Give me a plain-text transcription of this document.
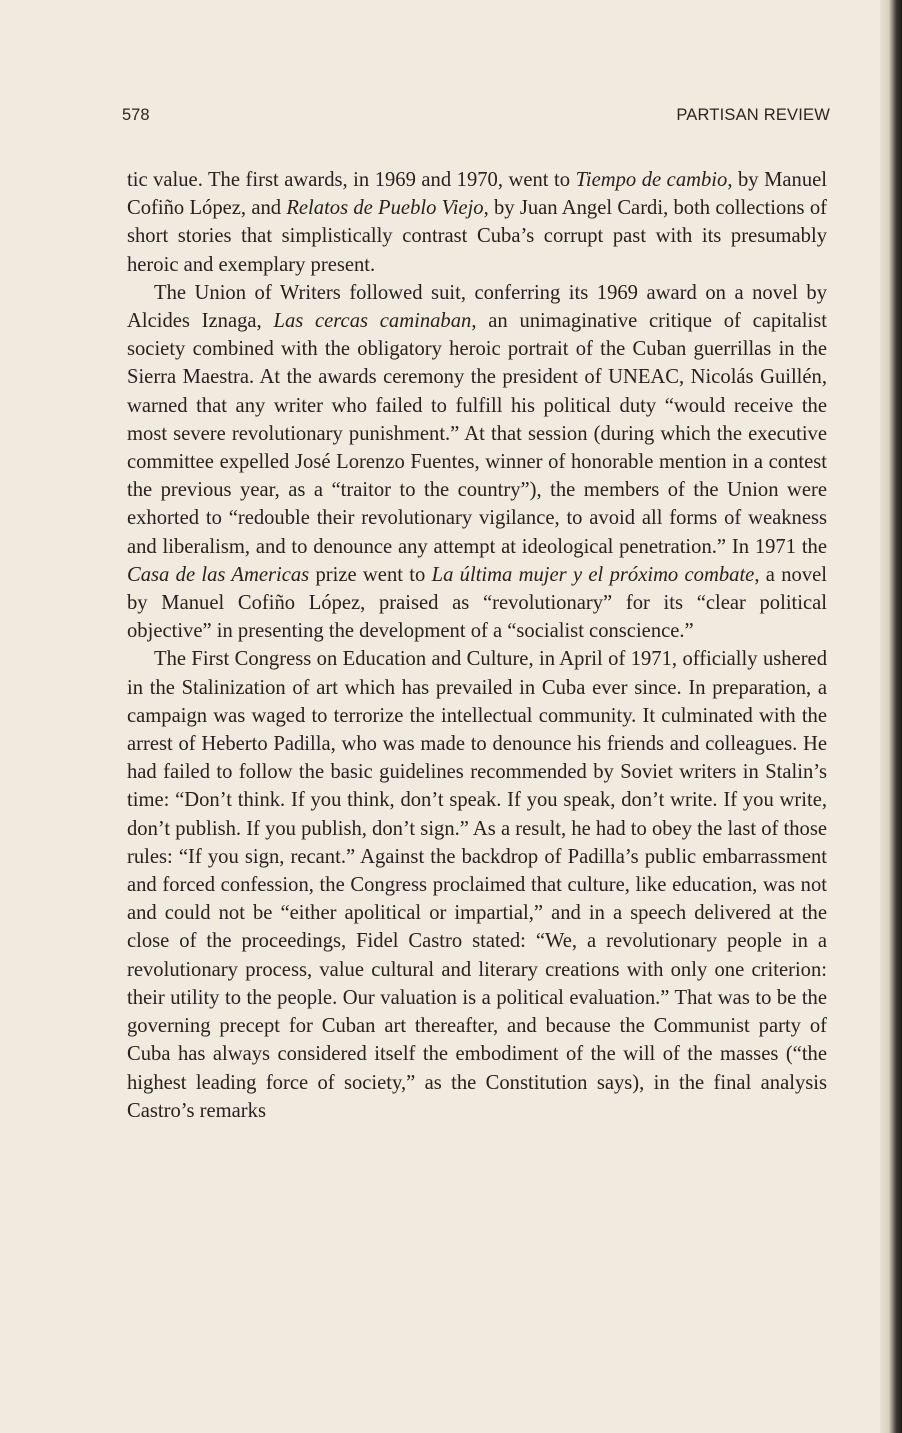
578	PARTISAN REVIEW

tic value. The first awards, in 1969 and 1970, went to Tiempo de cambio, by Manuel Cofiño López, and Relatos de Pueblo Viejo, by Juan Angel Cardi, both collections of short stories that simplistically contrast Cuba’s corrupt past with its presumably heroic and exemplary present.

The Union of Writers followed suit, conferring its 1969 award on a novel by Alcides Iznaga, Las cercas caminaban, an unimaginative critique of capitalist society combined with the obligatory heroic portrait of the Cuban guerrillas in the Sierra Maestra. At the awards ceremony the president of UNEAC, Nicolás Guillén, warned that any writer who failed to fulfill his political duty “would receive the most severe revolutionary punishment.” At that session (during which the executive committee expelled José Lorenzo Fuentes, winner of honorable mention in a contest the previous year, as a “traitor to the country”), the members of the Union were exhorted to “redouble their revolutionary vigilance, to avoid all forms of weakness and liberalism, and to denounce any attempt at ideological penetration.” In 1971 the Casa de las Americas prize went to La última mujer y el próximo combate, a novel by Manuel Cofiño López, praised as “revolutionary” for its “clear political objective” in presenting the development of a “socialist conscience.”

The First Congress on Education and Culture, in April of 1971, officially ushered in the Stalinization of art which has prevailed in Cuba ever since. In preparation, a campaign was waged to terrorize the intellectual community. It culminated with the arrest of Heberto Padilla, who was made to denounce his friends and colleagues. He had failed to follow the basic guidelines recommended by Soviet writers in Stalin’s time: “Don’t think. If you think, don’t speak. If you speak, don’t write. If you write, don’t publish. If you publish, don’t sign.” As a result, he had to obey the last of those rules: “If you sign, recant.” Against the backdrop of Padilla’s public embarrassment and forced confession, the Congress proclaimed that culture, like education, was not and could not be “either apolitical or impartial,” and in a speech delivered at the close of the proceedings, Fidel Castro stated: “We, a revolutionary people in a revolutionary process, value cultural and literary creations with only one criterion: their utility to the people. Our valuation is a political evaluation.” That was to be the governing precept for Cuban art thereafter, and because the Communist party of Cuba has always considered itself the embodiment of the will of the masses (“the highest leading force of society,” as the Constitution says), in the final analysis Castro’s remarks
